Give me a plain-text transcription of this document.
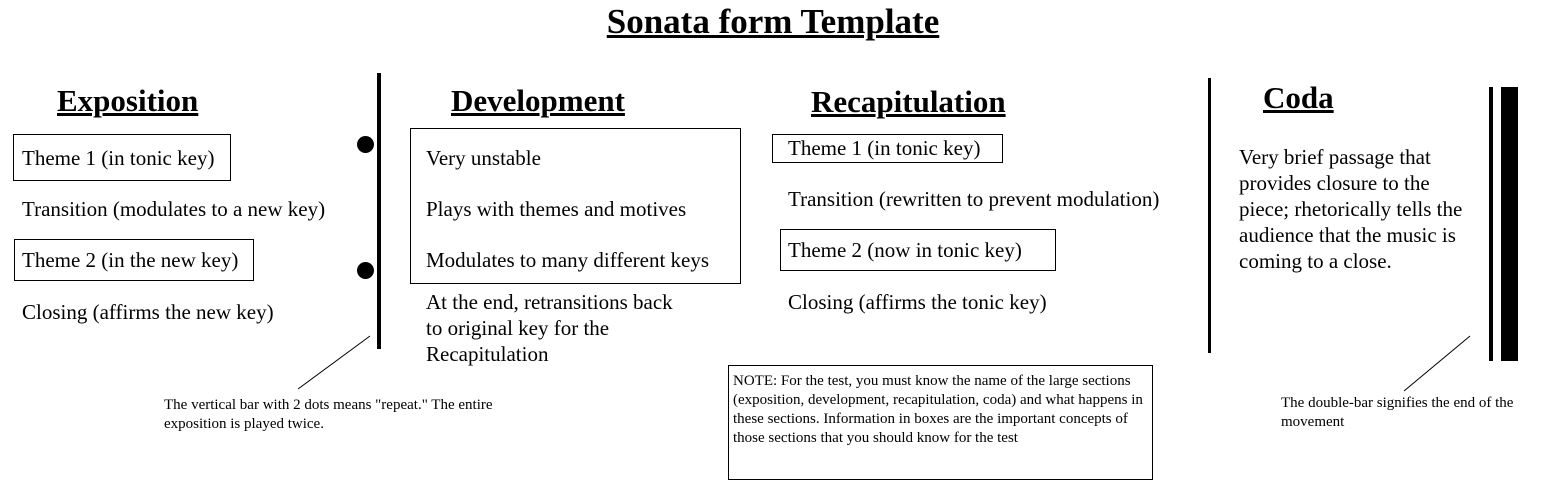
Sonata form Template
Exposition
Theme 1 (in tonic key)
Transition (modulates to a new key)
Theme 2 (in the new key)
Closing (affirms the new key)
Development
Very unstable
Plays with themes and motives
Modulates to many different keys
At the end, retransitions back
to original key for the
Recapitulation
Recapitulation
Theme 1 (in tonic key)
Transition (rewritten to prevent modulation)
Theme 2 (now in tonic key)
Closing (affirms the tonic key)
Coda
Very brief passage that
provides closure to the
piece; rhetorically tells the
audience that the music is
coming to a close.
The vertical bar with 2 dots means "repeat." The entire exposition is played twice.
NOTE: For the test, you must know the name of the large sections (exposition, development, recapitulation, coda) and what happens in these sections. Information in boxes are the important concepts of those sections that you should know for the test
The double-bar signifies the end of the movement
